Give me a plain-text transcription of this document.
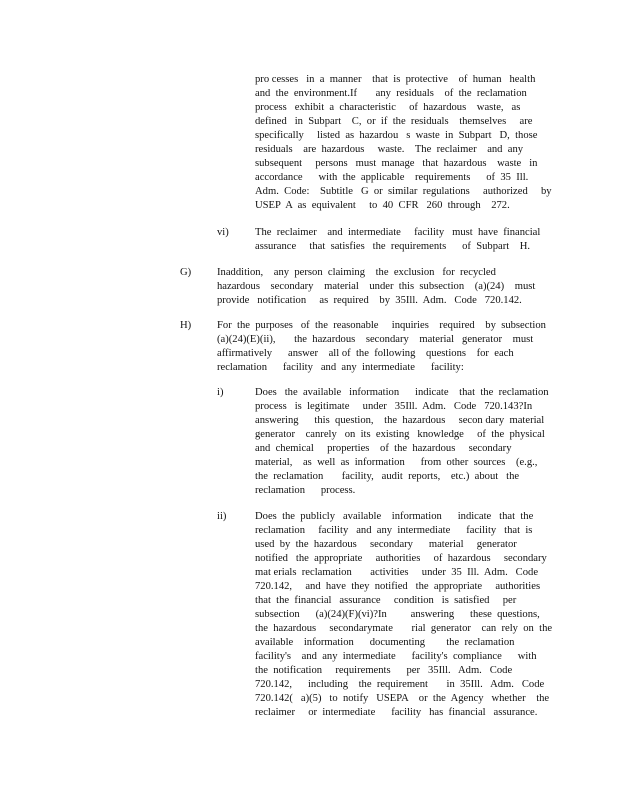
pro cesses   in  a  manner    that  is  protective    of  human   health
and  the  environment.If       any  residuals    of  the  reclamation
process   exhibit  a  characteristic     of  hazardous    waste,   as
defined   in  Subpart    C,  or  if  the  residuals    themselves     are
specifically     listed  as  hazardou   s  waste  in  Subpart   D,  those
residuals    are  hazardous     waste.    The  reclaimer    and  any
subsequent     persons   must  manage   that  hazardous    waste   in
accordance      with  the  applicable    requirements      of  35  Ill.
Adm.  Code:    Subtitle   G  or  similar  regulations     authorized     by
USEP  A  as  equivalent     to  40  CFR   260  through    272.
vi) The  reclaimer    and  intermediate     facility   must  have  financial
assurance     that  satisfies   the  requirements      of  Subpart    H.
G) Inaddition,    any  person  claiming    the  exclusion   for  recycled
hazardous    secondary    material    under  this  subsection    (a)(24)    must
provide   notification     as  required    by  35Ill.  Adm.   Code   720.142.
H) For  the  purposes   of  the  reasonable     inquiries    required    by  subsection
(a)(24)(E)(ii),       the  hazardous    secondary    material   generator    must
affirmatively      answer    all of  the  following    questions    for  each
reclamation      facility   and  any  intermediate      facility:
i)	Does   the  available   information      indicate    that  the  reclamation
process   is  legitimate     under   35Ill.  Adm.   Code   720.143?In
answering      this  question,    the  hazardous     secon dary  material
generator    canrely   on  its  existing   knowledge     of  the  physical
and  chemical     properties    of  the  hazardous     secondary
material,    as  well  as  information      from  other  sources    (e.g.,
the  reclamation       facility,   audit  reports,    etc.)  about   the
reclamation      process.
ii)	Does  the  publicly   available    information      indicate   that  the
reclamation     facility   and  any  intermediate      facility   that  is
used  by  the  hazardous     secondary      material     generator
notified   the  appropriate     authorities     of  hazardous     secondary
mat erials  reclamation       activities     under  35  Ill.  Adm.   Code
720.142,     and  have  they  notified   the  appropriate     authorities
that  the  financial   assurance     condition   is  satisfied     per
subsection      (a)(24)(F)(vi)?In         answering      these  questions,
the  hazardous     secondarymate       rial  generator    can  rely  on  the
available    information      documenting        the  reclamation
facility's    and  any  intermediate      facility's  compliance      with
the  notification     requirements      per   35Ill.   Adm.   Code
720.142,      including    the  requirement       in  35Ill.   Adm.   Code
720.142(   a)(5)   to  notify   USEPA    or  the  Agency   whether    the
reclaimer     or  intermediate      facility   has  financial   assurance.
